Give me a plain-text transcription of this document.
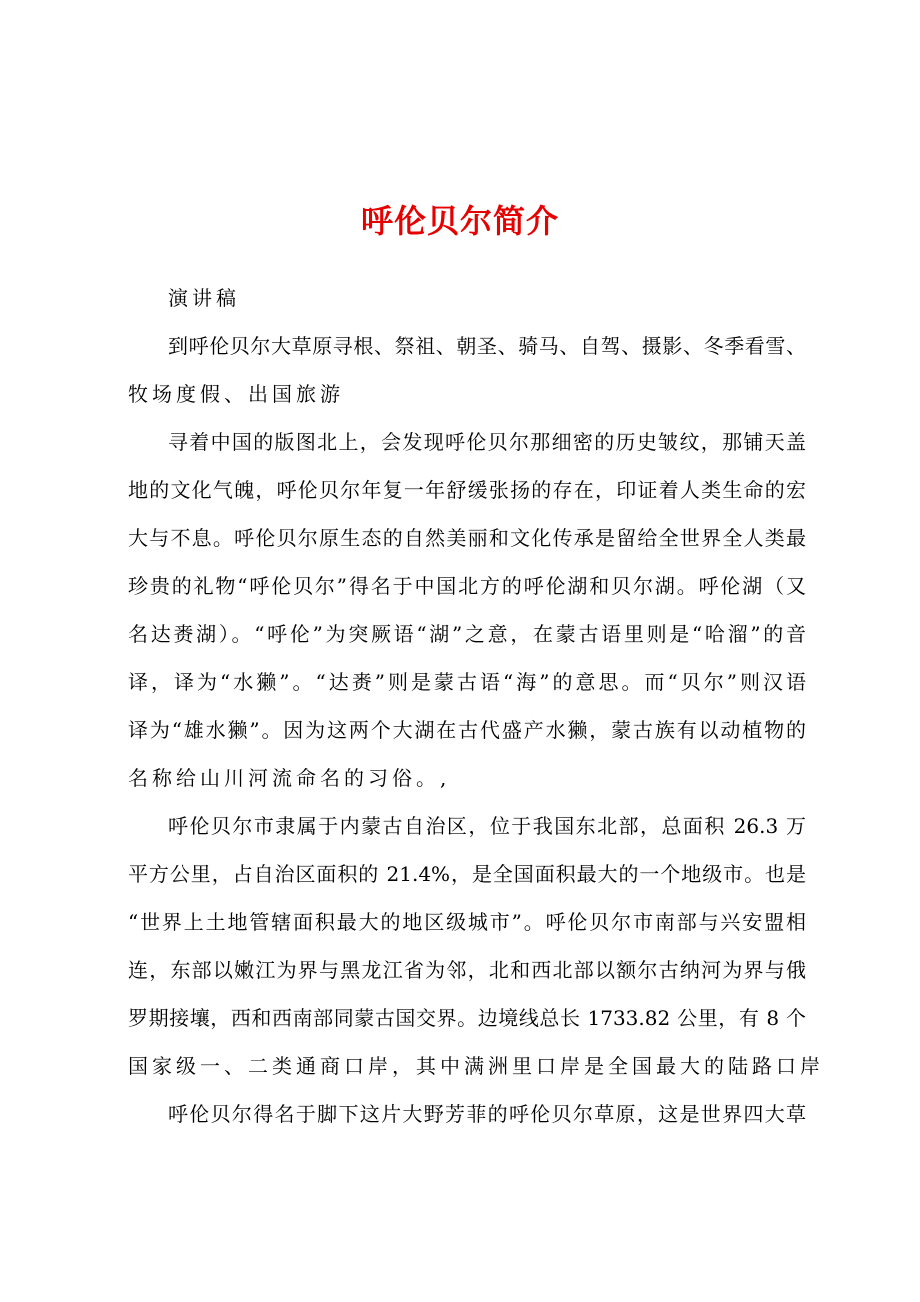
呼伦贝尔简介
演讲稿
到呼伦贝尔大草原寻根、祭祖、朝圣、骑马、自驾、摄影、冬季看雪、
牧场度假、出国旅游
寻着中国的版图北上，会发现呼伦贝尔那细密的历史皱纹，那铺天盖
地的文化气魄，呼伦贝尔年复一年舒缓张扬的存在，印证着人类生命的宏
大与不息。呼伦贝尔原生态的自然美丽和文化传承是留给全世界全人类最
珍贵的礼物“呼伦贝尔”得名于中国北方的呼伦湖和贝尔湖。呼伦湖（又
名达赉湖）。“呼伦”为突厥语“湖”之意，在蒙古语里则是“哈溜”的音
译，译为“水獭”。“达赉”则是蒙古语“海”的意思。而“贝尔”则汉语
译为“雄水獭”。因为这两个大湖在古代盛产水獭，蒙古族有以动植物的
名称给山川河流命名的习俗。,
呼伦贝尔市隶属于内蒙古自治区，位于我国东北部，总面积 26.3 万
平方公里，占自治区面积的 21.4%，是全国面积最大的一个地级市。也是
“世界上土地管辖面积最大的地区级城市”。呼伦贝尔市南部与兴安盟相
连，东部以嫩江为界与黑龙江省为邻，北和西北部以额尔古纳河为界与俄
罗期接壤，西和西南部同蒙古国交界。边境线总长 1733.82 公里，有 8 个
国家级一、二类通商口岸，其中满洲里口岸是全国最大的陆路口岸
呼伦贝尔得名于脚下这片大野芳菲的呼伦贝尔草原，这是世界四大草
